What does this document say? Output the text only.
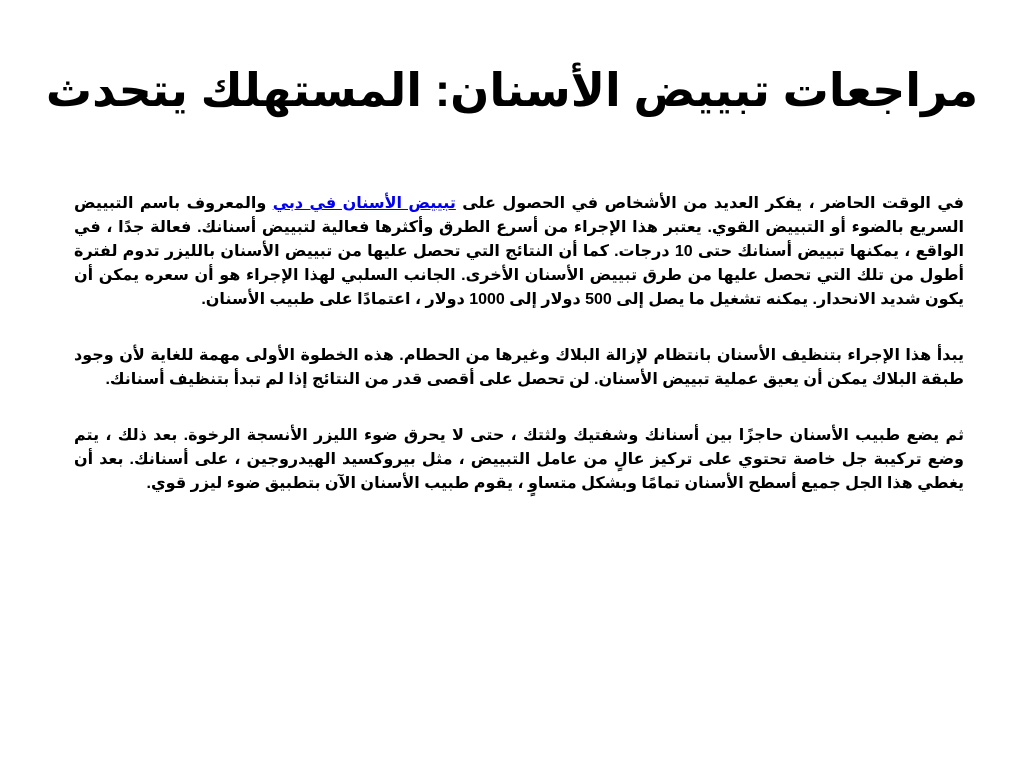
مراجعات تبييض الأسنان: المستهلك يتحدث

في الوقت الحاضر ، يفكر العديد من الأشخاص في الحصول على تبييض الأسنان في دبي والمعروف باسم التبييض السريع بالضوء أو التبييض القوي. يعتبر هذا الإجراء من أسرع الطرق وأكثرها فعالية لتبييض أسنانك. فعالة جدًا ، في الواقع ، يمكنها تبييض أسنانك حتى 10 درجات. كما أن النتائج التي تحصل عليها من تبييض الأسنان بالليزر تدوم لفترة أطول من تلك التي تحصل عليها من طرق تبييض الأسنان الأخرى. الجانب السلبي لهذا الإجراء هو أن سعره يمكن أن يكون شديد الانحدار. يمكنه تشغيل ما يصل إلى 500 دولار إلى 1000 دولار ، اعتمادًا على طبيب الأسنان.

يبدأ هذا الإجراء بتنظيف الأسنان بانتظام لإزالة البلاك وغيرها من الحطام. هذه الخطوة الأولى مهمة للغاية لأن وجود طبقة البلاك يمكن أن يعيق عملية تبييض الأسنان. لن تحصل على أقصى قدر من النتائج إذا لم تبدأ بتنظيف أسنانك.

ثم يضع طبيب الأسنان حاجزًا بين أسنانك وشفتيك ولثتك ، حتى لا يحرق ضوء الليزر الأنسجة الرخوة. بعد ذلك ، يتم وضع تركيبة جل خاصة تحتوي على تركيز عالٍ من عامل التبييض ، مثل بيروكسيد الهيدروجين ، على أسنانك. بعد أن يغطي هذا الجل جميع أسطح الأسنان تمامًا وبشكل متساوٍ ، يقوم طبيب الأسنان الآن بتطبيق ضوء ليزر قوي.
